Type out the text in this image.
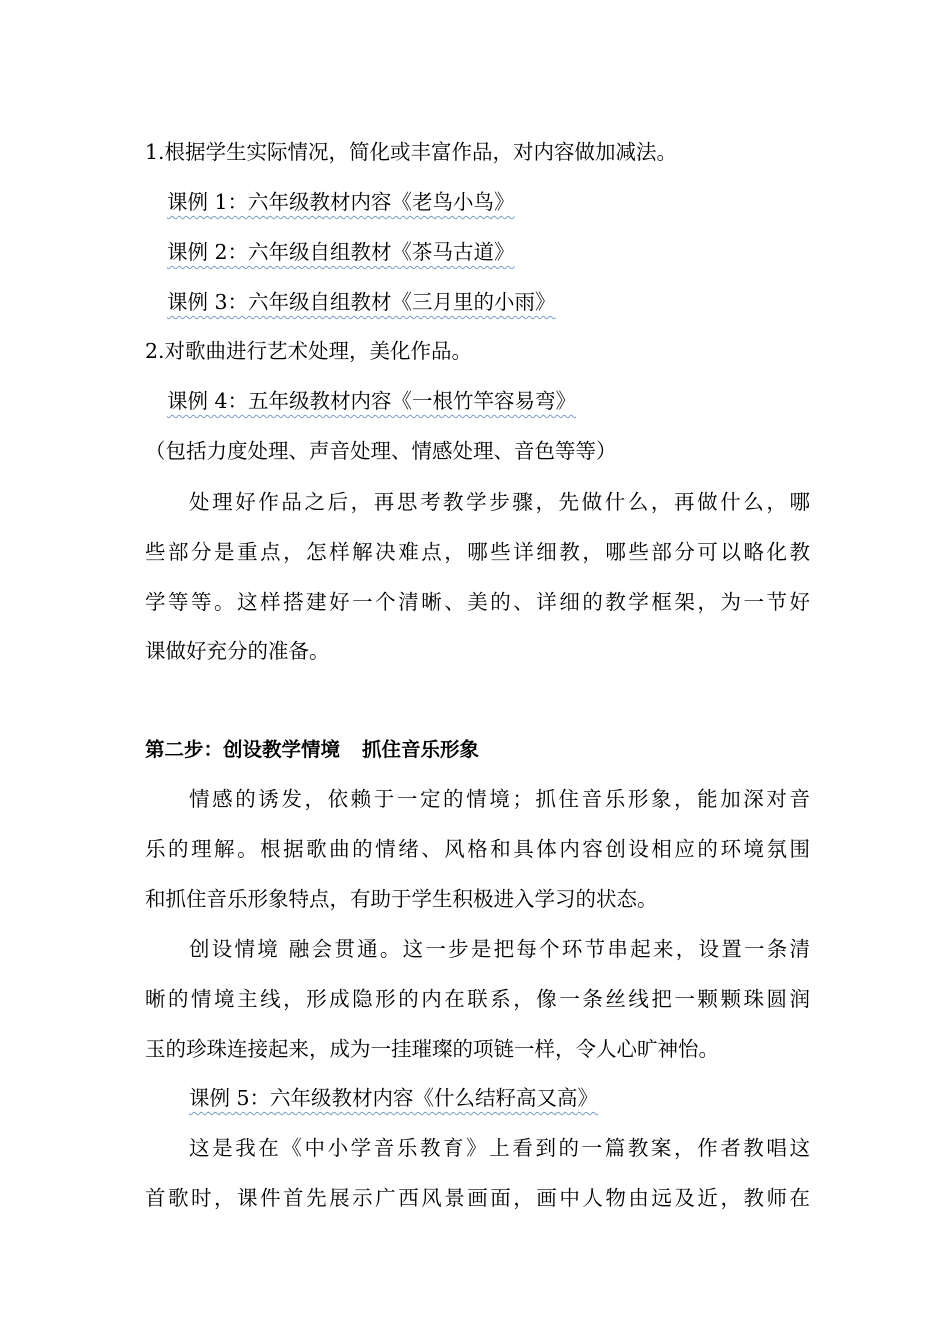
1.根据学生实际情况，简化或丰富作品，对内容做加减法。
课例 1：六年级教材内容《老鸟小鸟》
课例 2：六年级自组教材《茶马古道》
课例 3：六年级自组教材《三月里的小雨》
2.对歌曲进行艺术处理，美化作品。
课例 4：五年级教材内容《一根竹竿容易弯》
（包括力度处理、声音处理、情感处理、音色等等）
处理好作品之后，再思考教学步骤，先做什么，再做什么，哪
些部分是重点，怎样解决难点，哪些详细教，哪些部分可以略化教
学等等。这样搭建好一个清晰、美的、详细的教学框架，为一节好
课做好充分的准备。
第二步：创设教学情境 抓住音乐形象
情感的诱发，依赖于一定的情境；抓住音乐形象，能加深对音
乐的理解。根据歌曲的情绪、风格和具体内容创设相应的环境氛围
和抓住音乐形象特点，有助于学生积极进入学习的状态。
创设情境 融会贯通。这一步是把每个环节串起来，设置一条清
晰的情境主线，形成隐形的内在联系，像一条丝线把一颗颗珠圆润
玉的珍珠连接起来，成为一挂璀璨的项链一样，令人心旷神怡。
课例 5：六年级教材内容《什么结籽高又高》
这是我在《中小学音乐教育》上看到的一篇教案，作者教唱这
首歌时，课件首先展示广西风景画面，画中人物由远及近，教师在
